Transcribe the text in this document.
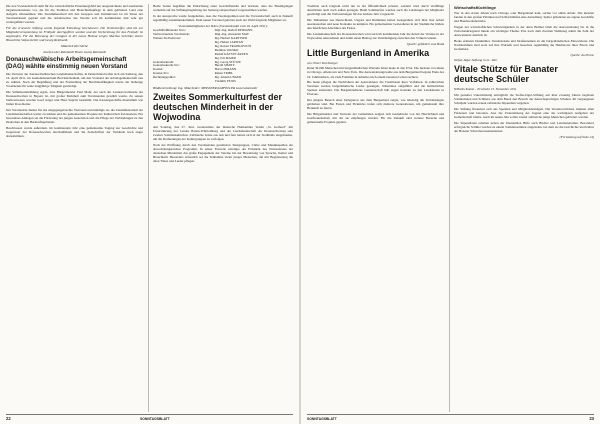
Die neu Vorstandschaft stellt für das wirtschaftliche Ernennungsfeld nur ausgezeichnete und anerkannte Organisationsleute vor, die für die Tradition und Brauchtumspflege in dem geblieben Land eine Aufgabe übernehmen. Die Zusammenarbeit mit den Gruppen und Institutionen ist im Sinne der Vereinsstatuten geplant und die Arbeitsweise des Vereins soll im kommenden Jahr sehr gut weitergeführt werden.

Für die erneuerte Stiftung wurde folgende Einteilung beschlossen: Die Vereinstreffen sind bis zur Mitgliederversammlung im Frühjahr durchgeführt worden und die Vorbereitung für das Festjahr ist angelaufen. Für die Betreuung der Gruppen in der neuen Heimat sorgen Martina Schröder, Karin Hauschild, Stefan Keller und Georg Reinhardt.

Mitarbeit Kirchliche

Josefa Leber Reinhardt Brunn Georg Reinhardt

Donauschwäbische Arbeitsgemeinschaft (DAG) wählte einstimmig neuen Vorstand

Die Vertreter der donauschwäbischen Landsmannschaften, in Deutschland trafen sich am Samstag, den 16. April 2011, im Gemeindezentrum Bad Reichenhall, um den Vorstand der Arbeitsgemeinschaft neu zu wählen. Nach der Begrüßung und der Feststellung der Beschlussfähigkeit wurde der bisherige Vorsitzende für seine langjährige Tätigkeit gewürdigt.

Die Stimmzettelzählung ergab, dass Bürgermeister Paul Mahr, der auch der Landesvorsitzende der Donauschwaben in Bayern ist, mit großer Mehrheit zum Vorsitzenden gewählt wurde. Zu seinen Stellvertretern wurden Josef Jerger und Hans Supritz bestimmt. Die Kassengeschäfte übernimmt wie bisher Rosa Reiter.

Der Vorsitzende dankte für das entgegengebrachte Vertrauen und kündigte an, die Zusammenarbeit der Landsmannschaften weiter zu stärken und die gemeinsamen Projekte der Kulturarbeit fortzusetzen. Ein besonderes Anliegen sei die Förderung der jungen Generation und die Pflege der Verbindungen zu den Deutschen in den Herkunftsgebieten.

Beschlossen wurde außerdem, im kommenden Jahr eine gemeinsame Tagung zur Geschichte und Gegenwart der Donauschwaben durchzuführen und die Zeitschriften der Verbände noch enger abzustimmen.

Beide Seiten begrüßen die Einrichtung einer Geschäftsstelle und betonen, dass die Beteiligungen weiterhin auf die Stiftungsbegleitung der Satzung entsprechend vorgenommen werden.

In der Aussprache wurde festgehalten, dass die Vereinsgremien und die Vorstandschaft auch in Zukunft regelmäßig zusammenkommen. Dem neuen Vorstand gehören nach der Wahl folgende Mitglieder an:

Vorstandsmitglieder der DAG (Vorstandswahl vom 16. April 2011):

Geschäftsführender Vors.:	Dipl.-Ing. Rudolf REIMANN
Stellvertretende Vorsitzende:	Dipl.-Ing. Alexander MAY
Weitere Stellvertreter:	Ing. Herbert KARTTSER
	Ing. Hubert JARITAN
	Ing. Robert FRANKOVICH
	Matthias WANKO
	Rudolf KÄTSTE ÄRZEN
	Ing. Edi MAIER
Generalsekretär:	Ing. Georg STÜTZE
Generalsekretär-Stv.:	Harald SIMITZ
Kassier:	Horst OSMANN
Kassier-Stv.:	Reiner TRIBL
Rechnungsprüfer:	Ing. Johann UNGER
	Vladimir FEJOS

Bildbeschreibung: Ing. Mitarbeiter: MEISSNER KAYFELLER Generalsekretär

Zweites Sommerkulturfest der deutschen Minderheit in der Wojwodina

Am Sonntag, den 27. Juni, veranstaltete der Deutsche Humanitäre Verein „St. Gerhard“ mit Unterstützung des Landes Baden-Württemberg und der Landsmannschaft der Donauschwaben sein zweites Sommerkulturfest. Zahlreiche Gäste aus nah und fern hatten sich in der Stadthalle eingefunden, um die Darbietungen der Kulturgruppen zu verfolgen.

Nach der Eröffnung durch den Vorsitzenden gestalteten Tanzgruppen, Chöre und Musikkapellen ein abwechslungsreiches Programm. In seiner Festrede würdigte der Präsident des Nationalrates der deutschen Minderheit das große Engagement der Vereine bei der Bewahrung von Sprache, Kultur und Brauchtum. Besonders erfreulich sei die Teilnahme vieler junger Menschen, die mit Begeisterung die alten Tänze und Lieder pflegen.

22	SONNTAGSBLATT

Tradition auch langsam nicht nur in der Öffentlichkeit präsent, sondern wird durch vielfältige Aktivitäten auch nach außen getragen. Beim Sommerfest wurden auch die Leistungen der Mitglieder gewürdigt und die Vorbereitungen für das nächste Jahr vorgestellt.

Die Teilnehmer aus Deutschland, Ungarn und Rumänien hatten Gelegenheit, sich über ihre Arbeit auszutauschen und neue Kontakte zu knüpfen. Ein gemeinsamer Gottesdienst in der Stadtkirche bildete den feierlichen Abschluss des Festes.

Die Landsmannschaft der Donauschwaben wird auch im kommenden Jahr die Arbeit der Vereine in der Wojwodina unterstützen und damit einen Beitrag zur Verständigung zwischen den Völkern leisten.

Quelle: gefördert vom Bund

Little Burgenland in Amerika

von Oliver Kirchberger

Rund 30.000 Menschen mit burgenländischen Wurzeln leben heute in den USA. Die meisten von ihnen in Chicago, Allentown und New York. Die Auswanderungswelle aus dem Burgenland begann Ende des 19. Jahrhunderts, als viele Familien in Amerika nach einem besseren Leben suchten.

Bis heute pflegen die Nachfahren der Auswanderer die Traditionen ihrer Vorfahren. In zahlreichen Vereinen werden burgenländische Lieder gesungen, Volkstänze aufgeführt und die heimatlichen Speisen zubereitet. Die Burgenländische Gemeinschaft hält engen Kontakt zu den Landsleuten in Übersee.

Der jüngste Besuch einer Delegation aus dem Burgenland zeigte, wie lebendig die Verbindungen geblieben sind. Bei Festen und Picknicks trafen sich mehrere Generationen, um gemeinsam ihre Herkunft zu feiern.

Die Bürgermeister und Vertreter der Gemeinden zeigten sich beeindruckt von der Herzlichkeit und Gastfreundschaft, mit der sie empfangen wurden. Für die Zukunft sind weitere Besuche und gemeinsame Projekte geplant.

Wirtschaftsflüchtlinge

Wer in den ersten Jahren nach Chicago oder Burgenland kam, suchte vor allem Arbeit. Die meisten fanden in den großen Fabriken und Schlachthöfen eine Anstellung. Später gründeten sie eigene Geschäfte und Handwerksbetriebe.

Wegen der wirtschaftlichen Schwierigkeiten in der alten Heimat blieb die Auswanderung bis in die Zwischenkriegszeit hinein ein wichtiges Thema. Erst nach dem Zweiten Weltkrieg nahm die Zahl der Auswanderer deutlich ab.

Heute erinnern Denkmäler, Vereinslokale und Straßennamen an die burgenländischen Einwanderer. Die Nachkommen sind stolz auf ihre Wurzeln und besuchen regelmäßig die Heimatorte ihrer Eltern und Großeltern.

Quelle: du Presse

Stefan-Jäger-Stiftung in 21. Jahr

Vitale Stütze für Banater deutsche Schüler

Wilhelm Kumst – Erscheint 15. November 2011

Mit gezielter Unterstützung ermöglicht die Stefan-Jäger-Stiftung seit über zwanzig Jahren begabten Schülerinnen und Schülern aus dem Banat den Besuch der deutschsprachigen Schulen. Im vergangenen Schuljahr wurden erneut zahlreiche Stipendien vergeben.

Die Stiftung finanziert sich aus Spenden und Mitgliedsbeiträgen. Die Verantwortlichen dankten allen Förderern und betonten, dass die Unterstützung der Jugend eine der wichtigsten Aufgaben der Gemeinschaft bleibe. Auch im neuen Jahr sollen wieder zahlreiche junge Menschen gefördert werden.

Die Stipendiaten erhalten neben der finanziellen Hilfe auch Bücher und Lernmaterialien. Besonders erfolgreiche Schüler werden zu einem Sommerseminar eingeladen, bei dem sie die Geschichte und Kultur der Banater Schwaben kennenlernen.

(Fortsetzung auf Seite 24)

SONNTAGSBLATT	23
